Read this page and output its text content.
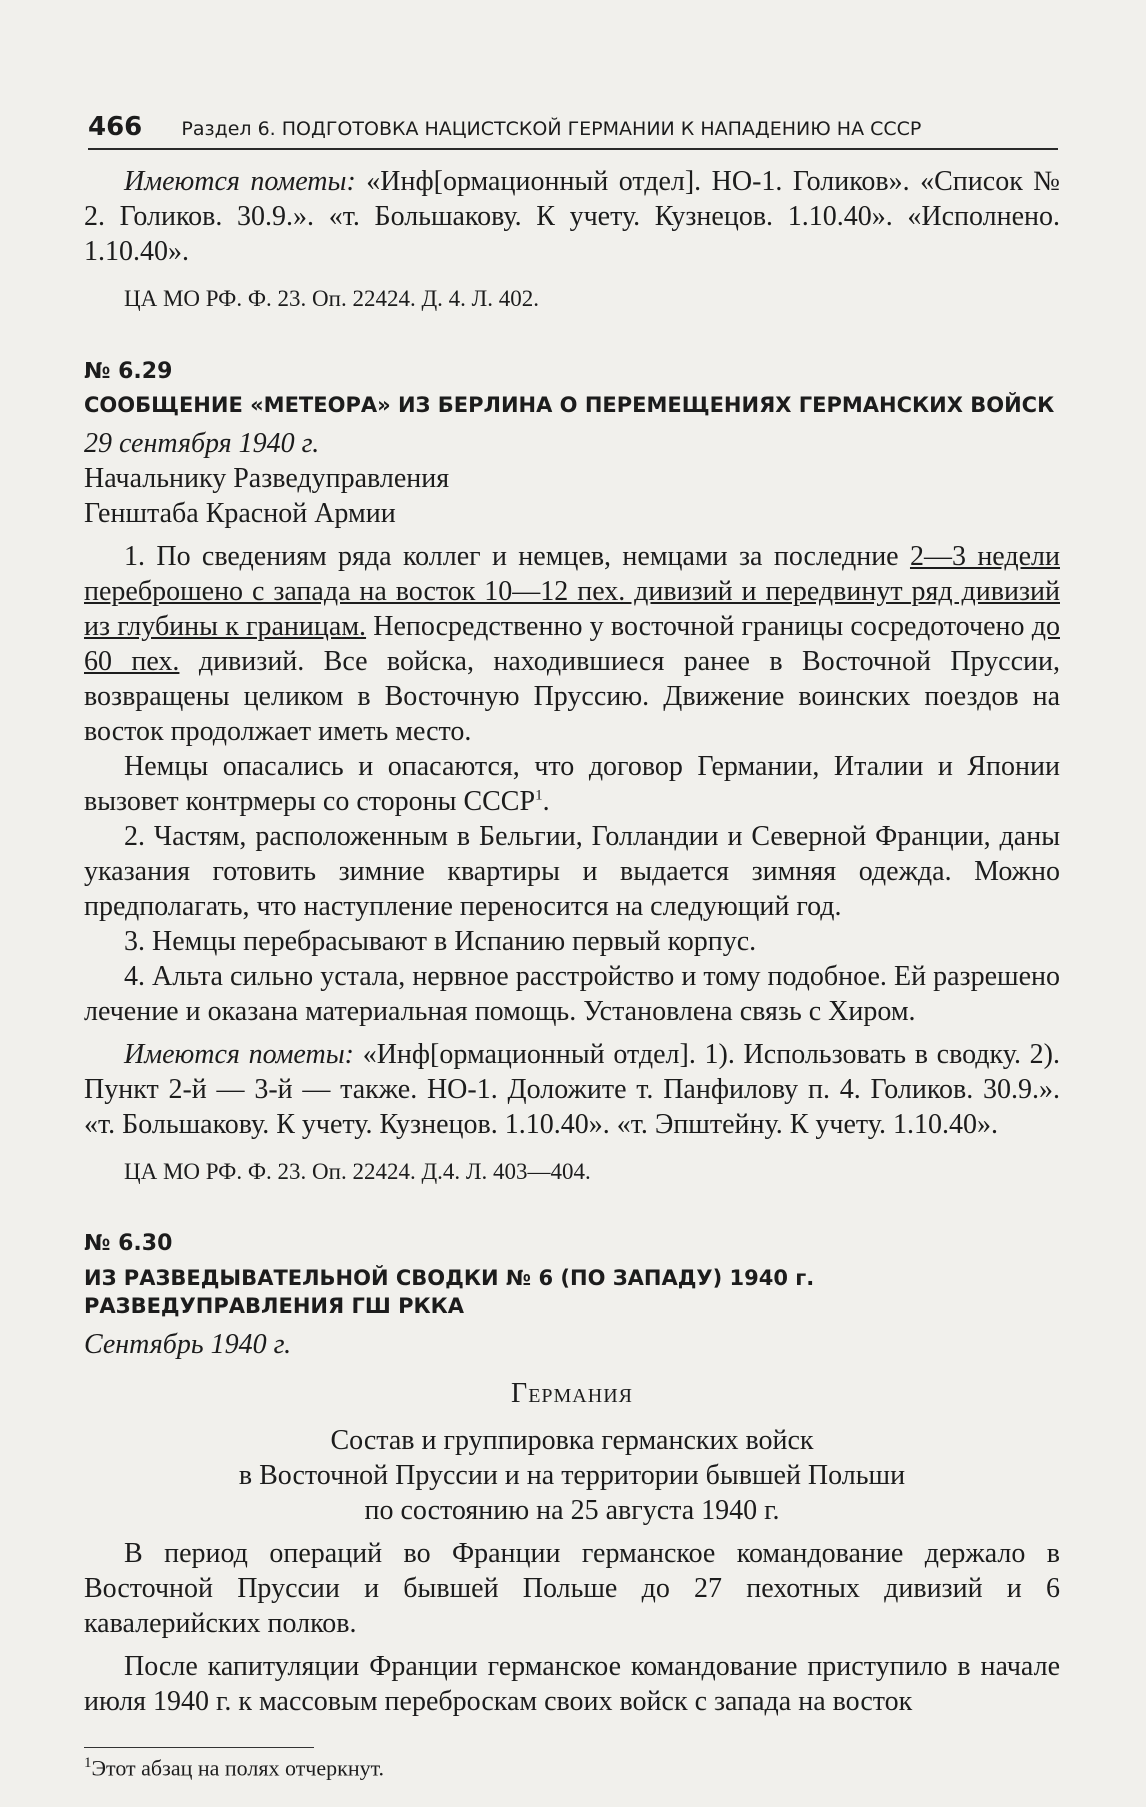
466 Раздел 6. ПОДГОТОВКА НАЦИСТСКОЙ ГЕРМАНИИ К НАПАДЕНИЮ НА СССР

Имеются пометы: «Инф[ормационный отдел]. НО-1. Голиков». «Список № 2. Голиков. 30.9.». «т. Большакову. К учету. Кузнецов. 1.10.40». «Исполнено. 1.10.40».

ЦА МО РФ. Ф. 23. Оп. 22424. Д. 4. Л. 402.

№ 6.29
СООБЩЕНИЕ «МЕТЕОРА» ИЗ БЕРЛИНА О ПЕРЕМЕЩЕНИЯХ ГЕРМАНСКИХ ВОЙСК

29 сентября 1940 г.

Начальнику Разведуправления

Генштаба Красной Армии

1. По сведениям ряда коллег и немцев, немцами за последние 2—3 недели переброшено с запада на восток 10—12 пех. дивизий и передвинут ряд дивизий из глубины к границам. Непосредственно у восточной границы сосредоточено до 60 пех. дивизий. Все войска, находившиеся ранее в Восточной Пруссии, возвращены целиком в Восточную Пруссию. Движение воинских поездов на восток продолжает иметь место.

Немцы опасались и опасаются, что договор Германии, Италии и Японии вызовет контрмеры со стороны СССР$^1$.

2. Частям, расположенным в Бельгии, Голландии и Северной Франции, даны указания готовить зимние квартиры и выдается зимняя одежда. Можно предполагать, что наступление переносится на следующий год.

3. Немцы перебрасывают в Испанию первый корпус.

4. Альта сильно устала, нервное расстройство и тому подобное. Ей разрешено лечение и оказана материальная помощь. Установлена связь с Хиром.

Имеются пометы: «Инф[ормационный отдел]. 1). Использовать в сводку. 2). Пункт 2-й — 3-й — также. НО-1. Доложите т. Панфилову п. 4. Голиков. 30.9.». «т. Большакову. К учету. Кузнецов. 1.10.40». «т. Эпштейну. К учету. 1.10.40».

ЦА МО РФ. Ф. 23. Оп. 22424. Д.4. Л. 403—404.

№ 6.30
ИЗ РАЗВЕДЫВАТЕЛЬНОЙ СВОДКИ № 6 (ПО ЗАПАДУ) 1940 г.
РАЗВЕДУПРАВЛЕНИЯ ГШ РККА

Сентябрь 1940 г.

Германия

Состав и группировка германских войск

в Восточной Пруссии и на территории бывшей Польши

по состоянию на 25 августа 1940 г.

В период операций во Франции германское командование держало в Восточной Пруссии и бывшей Польше до 27 пехотных дивизий и 6 кавалерийских полков.

После капитуляции Франции германское командование приступило в начале июля 1940 г. к массовым переброскам своих войск с запада на восток

$^1$Этот абзац на полях отчеркнут.
